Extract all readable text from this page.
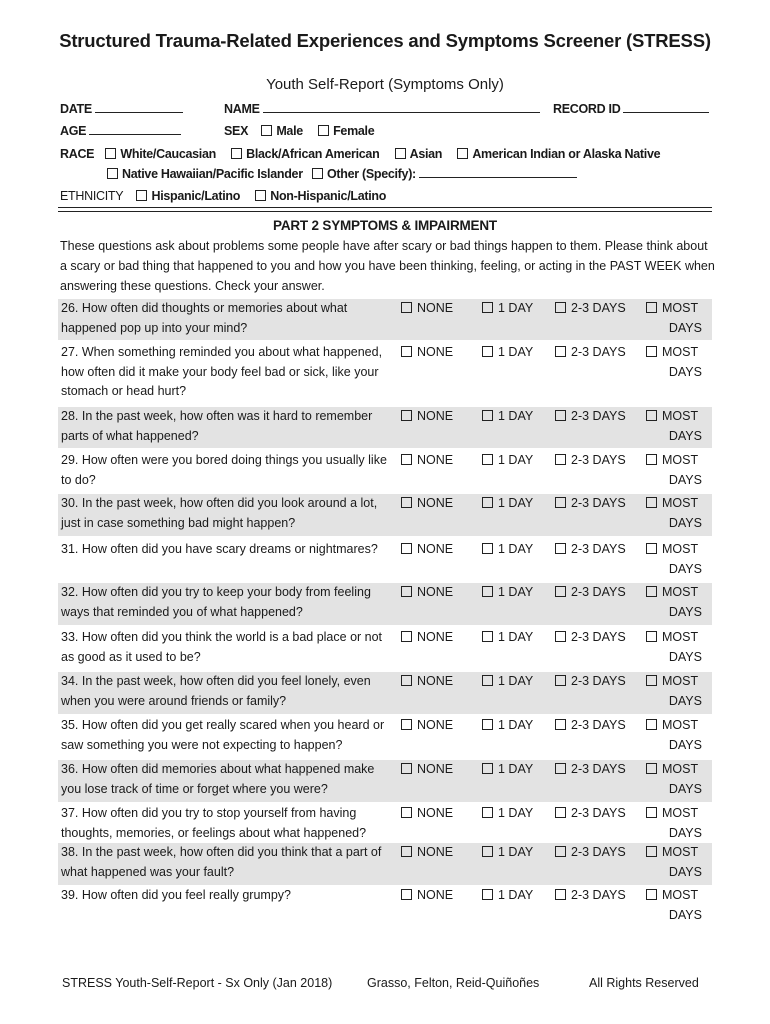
Structured Trauma-Related Experiences and Symptoms Screener (STRESS)
Youth Self-Report (Symptoms Only)
DATE	NAME	RECORD ID
AGE	SEX Male Female
RACE White/Caucasian Black/African American Asian American Indian or Alaska Native
Native Hawaiian/Pacific Islander Other (Specify):
ETHNICITY Hispanic/Latino Non-Hispanic/Latino
PART 2 SYMPTOMS & IMPAIRMENT
These questions ask about problems some people have after scary or bad things happen to them. Please think about a scary or bad thing that happened to you and how you have been thinking, feeling, or acting in the PAST WEEK when answering these questions. Check your answer.
26. How often did thoughts or memories about what happened pop up into your mind?
NONE	1 DAY	2-3 DAYS	MOST
DAYS
27. When something reminded you about what happened, how often did it make your body feel bad or sick, like your stomach or head hurt?
NONE	1 DAY	2-3 DAYS	MOST
DAYS
28. In the past week, how often was it hard to remember parts of what happened?
NONE	1 DAY	2-3 DAYS	MOST
DAYS
29. How often were you bored doing things you usually like to do?
NONE	1 DAY	2-3 DAYS	MOST
DAYS
30. In the past week, how often did you look around a lot, just in case something bad might happen?
NONE	1 DAY	2-3 DAYS	MOST
DAYS
31. How often did you have scary dreams or nightmares?	NONE	1 DAY	2-3 DAYS	MOST
DAYS
32. How often did you try to keep your body from feeling ways that reminded you of what happened?
NONE	1 DAY	2-3 DAYS	MOST
DAYS
33. How often did you think the world is a bad place or not as good as it used to be?
NONE	1 DAY	2-3 DAYS	MOST
DAYS
34. In the past week, how often did you feel lonely, even when you were around friends or family?
NONE	1 DAY	2-3 DAYS	MOST
DAYS
35. How often did you get really scared when you heard or saw something you were not expecting to happen?
NONE	1 DAY	2-3 DAYS	MOST
DAYS
36. How often did memories about what happened make you lose track of time or forget where you were?
NONE	1 DAY	2-3 DAYS	MOST
DAYS
37. How often did you try to stop yourself from having thoughts, memories, or feelings about what happened?
NONE	1 DAY	2-3 DAYS	MOST
DAYS
38. In the past week, how often did you think that a part of what happened was your fault?
NONE	1 DAY	2-3 DAYS	MOST
DAYS
39. How often did you feel really grumpy?	NONE	1 DAY	2-3 DAYS	MOST
DAYS
STRESS Youth-Self-Report - Sx Only (Jan 2018)	Grasso, Felton, Reid-Quiñoñes	All Rights Reserved
